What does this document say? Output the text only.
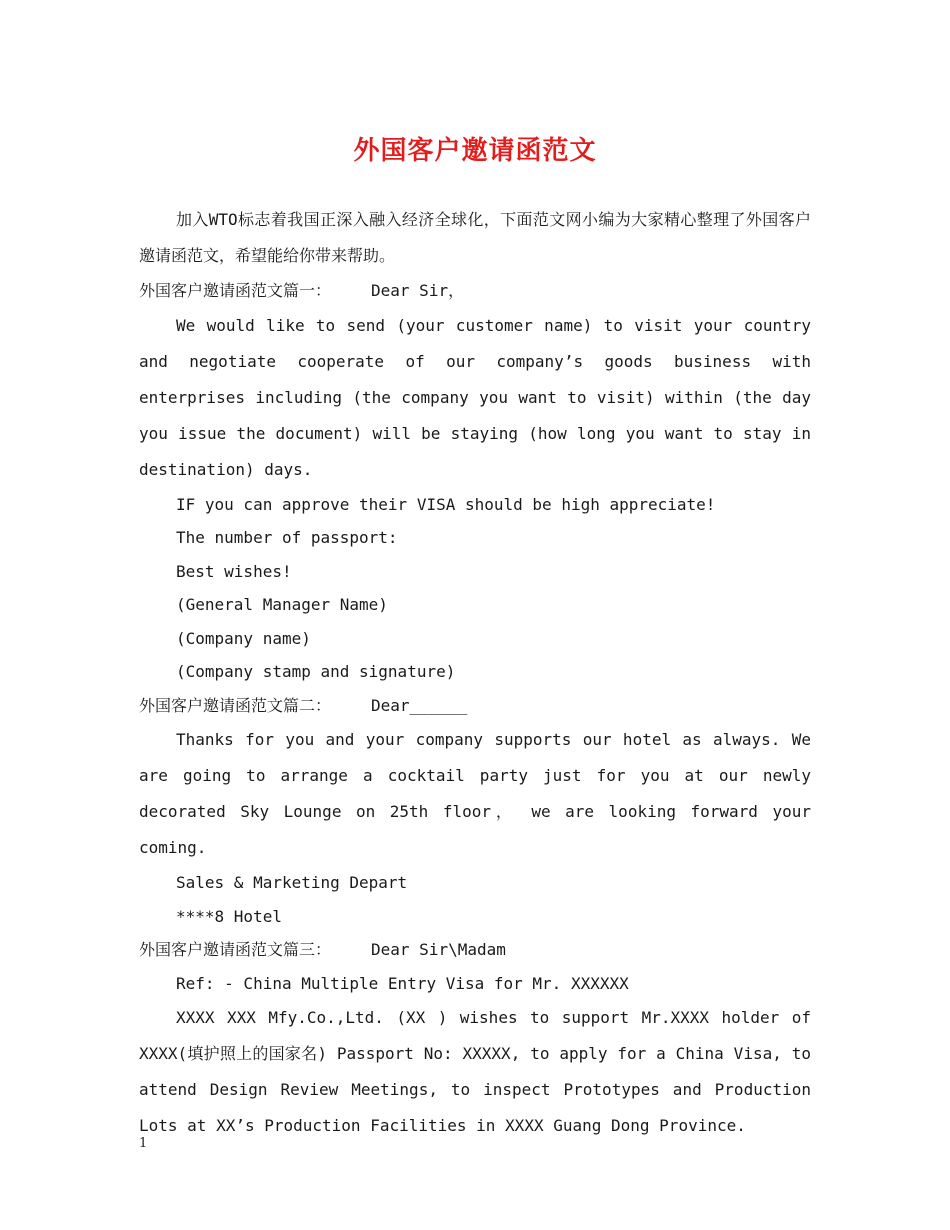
外国客户邀请函范文

加入WTO标志着我国正深入融入经济全球化，下面范文网小编为大家精心整理了外国客户邀请函范文，希望能给你带来帮助。

外国客户邀请函范文篇一：	Dear Sir，

We would like to send (your customer name) to visit your country and negotiate cooperate of our company’s goods business with enterprises including (the company you want to visit) within (the day you issue the document) will be staying (how long you want to stay in destination) days.

IF you can approve their VISA should be high appreciate!

The number of passport:

Best wishes!

(General Manager Name)

(Company name)

(Company stamp and signature)

外国客户邀请函范文篇二：	Dear______

Thanks for you and your company supports our hotel as always. We are going to arrange a cocktail party just for you at our newly decorated Sky Lounge on 25th floor， we are looking forward your coming.

Sales & Marketing Depart

****8 Hotel

外国客户邀请函范文篇三：	Dear Sir\Madam

Ref: - China Multiple Entry Visa for Mr. XXXXXX

XXXX XXX Mfy.Co.,Ltd. (XX ) wishes to support Mr.XXXX holder of XXXX(填护照上的国家名) Passport No: XXXXX, to apply for a China Visa, to attend Design Review Meetings, to inspect Prototypes and Production Lots at XX’s Production Facilities in XXXX Guang Dong Province.

1
